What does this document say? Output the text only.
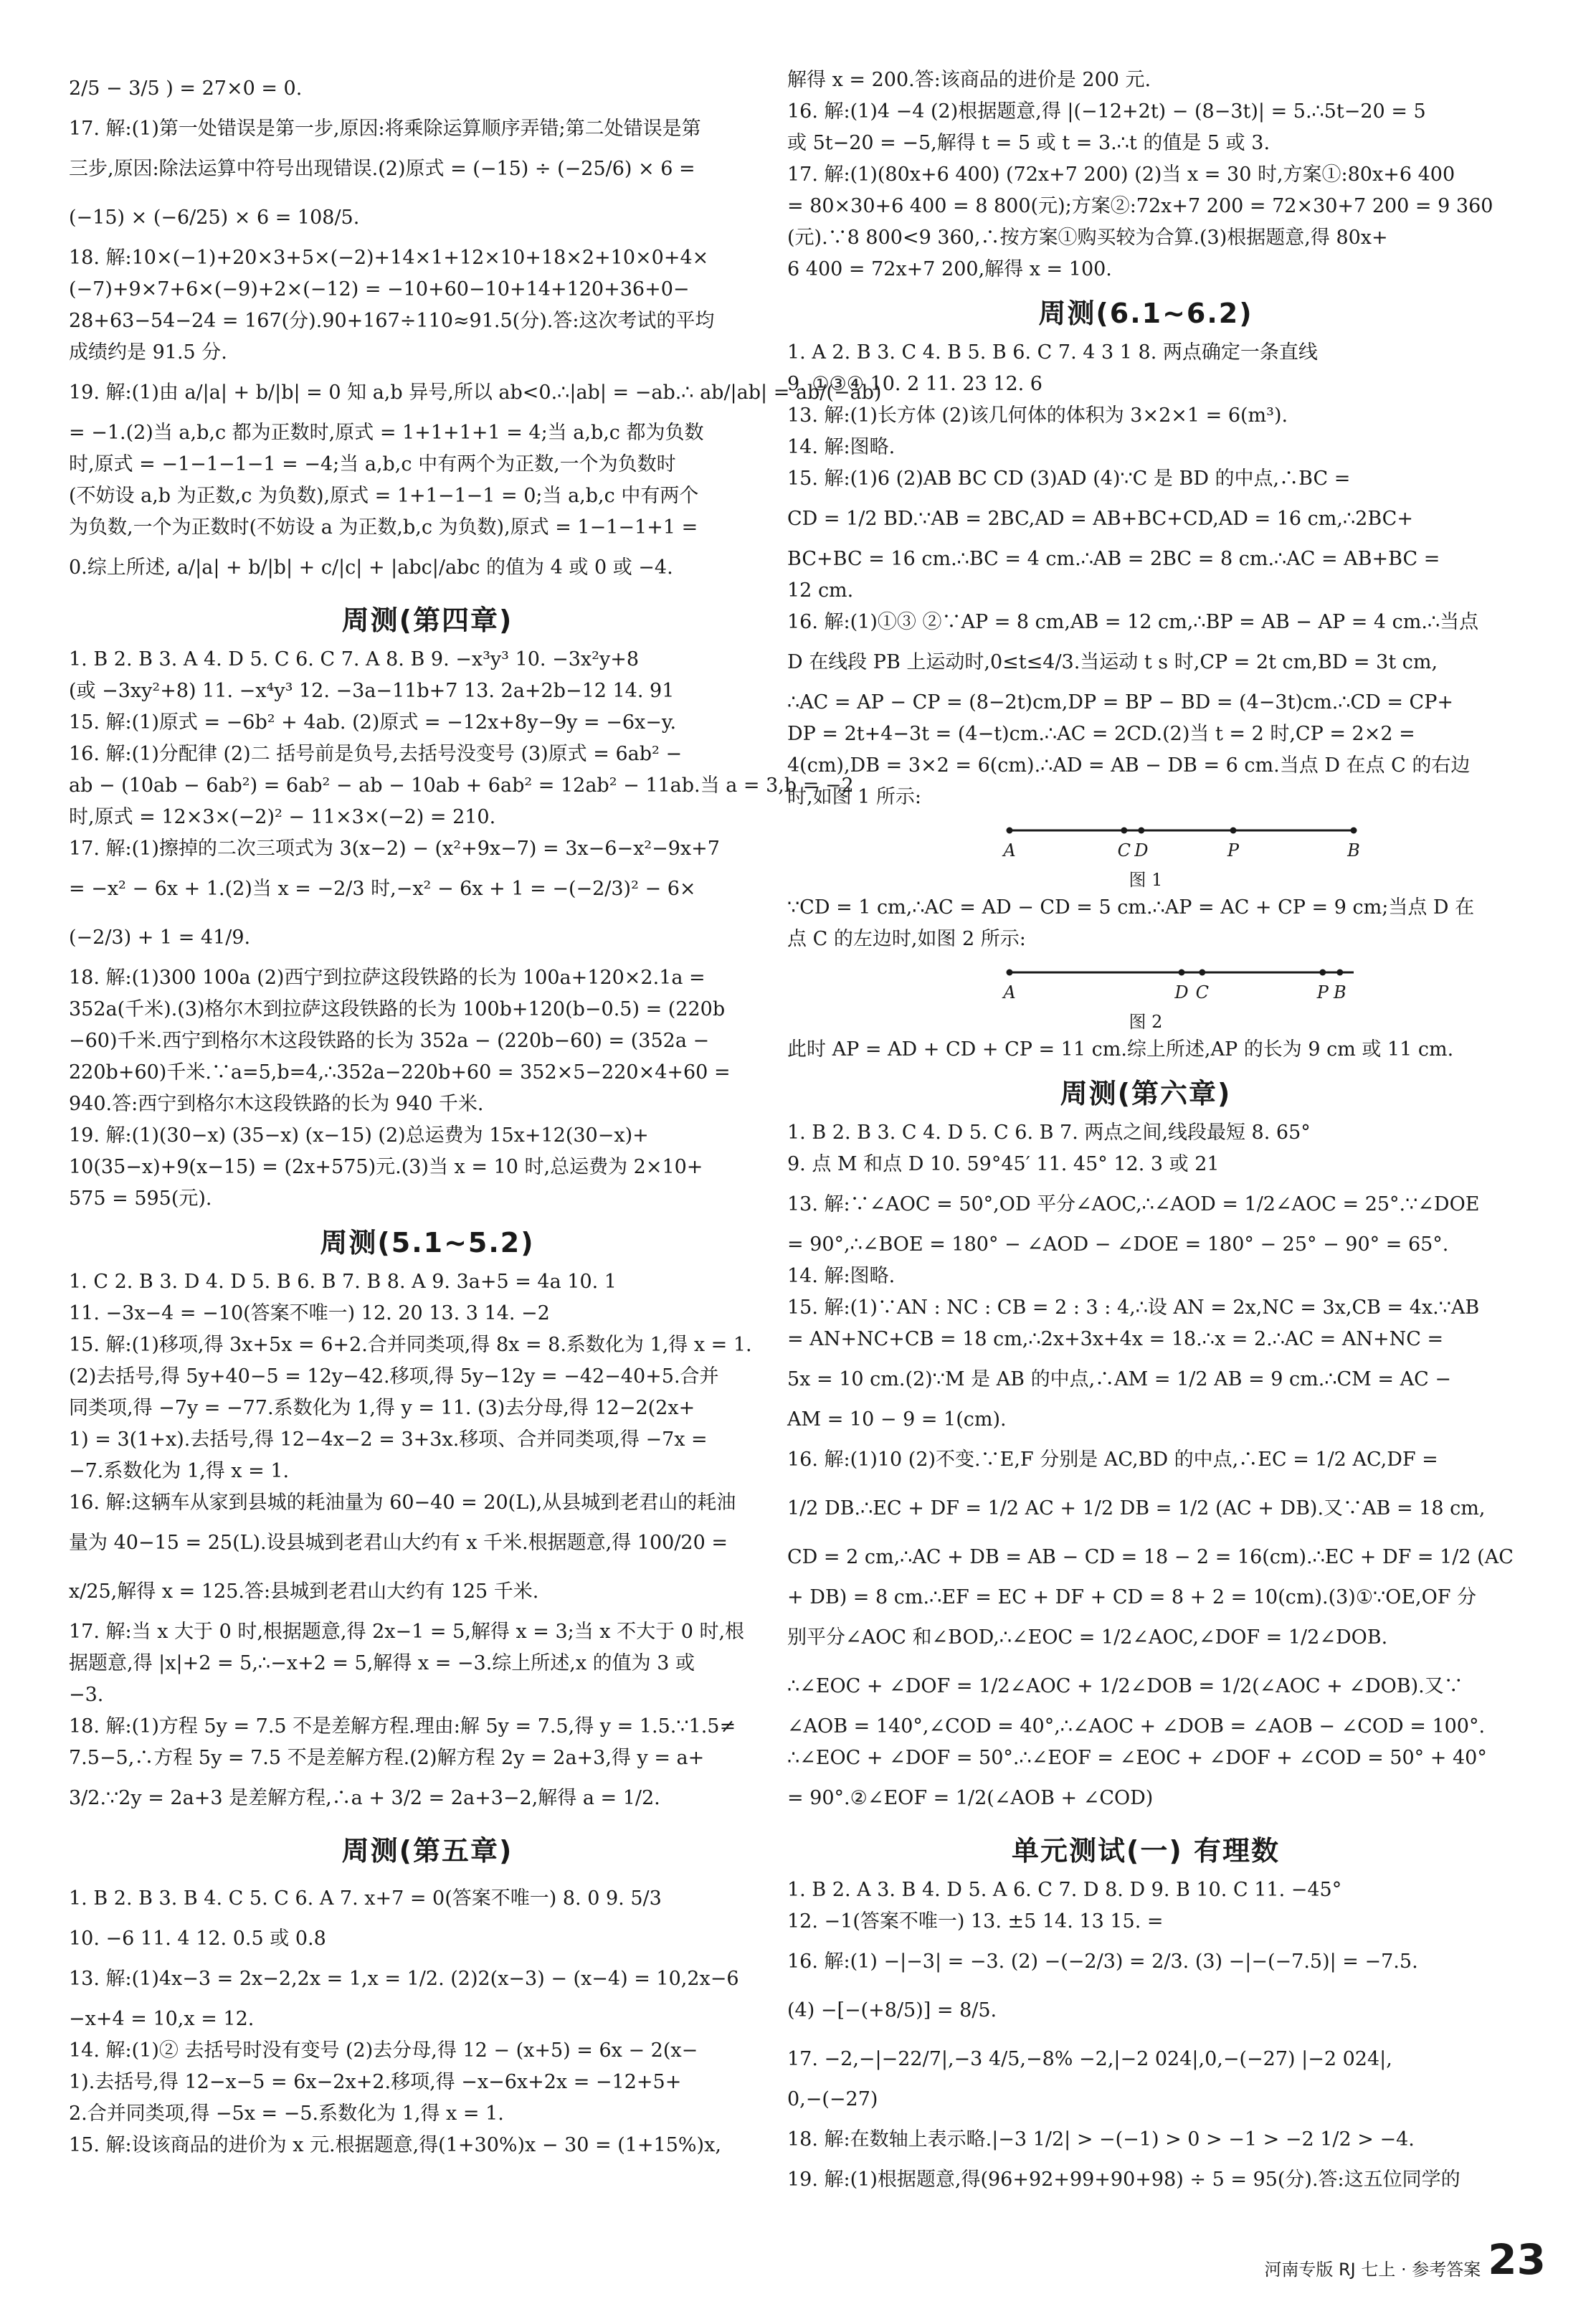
2/5 − 3/5 ) = 27×0 = 0.
17. 解:(1)第一处错误是第一步,原因:将乘除运算顺序弄错;第二处错误是第
三步,原因:除法运算中符号出现错误.(2)原式 = (−15) ÷ (−25/6) × 6 =
(−15) × (−6/25) × 6 = 108/5.
18. 解:10×(−1)+20×3+5×(−2)+14×1+12×10+18×2+10×0+4×
(−7)+9×7+6×(−9)+2×(−12) = −10+60−10+14+120+36+0−
28+63−54−24 = 167(分).90+167÷110≈91.5(分).答:这次考试的平均
成绩约是 91.5 分.
19. 解:(1)由 a/|a| + b/|b| = 0 知 a,b 异号,所以 ab<0.∴|ab| = −ab.∴ ab/|ab| = ab/(−ab)
= −1.(2)当 a,b,c 都为正数时,原式 = 1+1+1+1 = 4;当 a,b,c 都为负数
时,原式 = −1−1−1−1 = −4;当 a,b,c 中有两个为正数,一个为负数时
(不妨设 a,b 为正数,c 为负数),原式 = 1+1−1−1 = 0;当 a,b,c 中有两个
为负数,一个为正数时(不妨设 a 为正数,b,c 为负数),原式 = 1−1−1+1 =
0.综上所述, a/|a| + b/|b| + c/|c| + |abc|/abc 的值为 4 或 0 或 −4.
周测(第四章)
1. B 2. B 3. A 4. D 5. C 6. C 7. A 8. B 9. −x³y³ 10. −3x²y+8
(或 −3xy²+8) 11. −x⁴y³ 12. −3a−11b+7 13. 2a+2b−12 14. 91
15. 解:(1)原式 = −6b² + 4ab. (2)原式 = −12x+8y−9y = −6x−y.
16. 解:(1)分配律 (2)二 括号前是负号,去括号没变号 (3)原式 = 6ab² −
ab − (10ab − 6ab²) = 6ab² − ab − 10ab + 6ab² = 12ab² − 11ab.当 a = 3,b = −2
时,原式 = 12×3×(−2)² − 11×3×(−2) = 210.
17. 解:(1)擦掉的二次三项式为 3(x−2) − (x²+9x−7) = 3x−6−x²−9x+7
= −x² − 6x + 1.(2)当 x = −2/3 时,−x² − 6x + 1 = −(−2/3)² − 6×
(−2/3) + 1 = 41/9.
18. 解:(1)300 100a (2)西宁到拉萨这段铁路的长为 100a+120×2.1a =
352a(千米).(3)格尔木到拉萨这段铁路的长为 100b+120(b−0.5) = (220b
−60)千米.西宁到格尔木这段铁路的长为 352a − (220b−60) = (352a −
220b+60)千米.∵a=5,b=4,∴352a−220b+60 = 352×5−220×4+60 =
940.答:西宁到格尔木这段铁路的长为 940 千米.
19. 解:(1)(30−x) (35−x) (x−15) (2)总运费为 15x+12(30−x)+
10(35−x)+9(x−15) = (2x+575)元.(3)当 x = 10 时,总运费为 2×10+
575 = 595(元).
周测(5.1~5.2)
1. C 2. B 3. D 4. D 5. B 6. B 7. B 8. A 9. 3a+5 = 4a 10. 1
11. −3x−4 = −10(答案不唯一) 12. 20 13. 3 14. −2
15. 解:(1)移项,得 3x+5x = 6+2.合并同类项,得 8x = 8.系数化为 1,得 x = 1.
(2)去括号,得 5y+40−5 = 12y−42.移项,得 5y−12y = −42−40+5.合并
同类项,得 −7y = −77.系数化为 1,得 y = 11. (3)去分母,得 12−2(2x+
1) = 3(1+x).去括号,得 12−4x−2 = 3+3x.移项、合并同类项,得 −7x =
−7.系数化为 1,得 x = 1.
16. 解:这辆车从家到县城的耗油量为 60−40 = 20(L),从县城到老君山的耗油
量为 40−15 = 25(L).设县城到老君山大约有 x 千米.根据题意,得 100/20 =
x/25,解得 x = 125.答:县城到老君山大约有 125 千米.
17. 解:当 x 大于 0 时,根据题意,得 2x−1 = 5,解得 x = 3;当 x 不大于 0 时,根
据题意,得 |x|+2 = 5,∴−x+2 = 5,解得 x = −3.综上所述,x 的值为 3 或
−3.
18. 解:(1)方程 5y = 7.5 不是差解方程.理由:解 5y = 7.5,得 y = 1.5.∵1.5≠
7.5−5,∴方程 5y = 7.5 不是差解方程.(2)解方程 2y = 2a+3,得 y = a+
3/2.∵2y = 2a+3 是差解方程,∴a + 3/2 = 2a+3−2,解得 a = 1/2.
周测(第五章)
1. B 2. B 3. B 4. C 5. C 6. A 7. x+7 = 0(答案不唯一) 8. 0 9. 5/3
10. −6 11. 4 12. 0.5 或 0.8
13. 解:(1)4x−3 = 2x−2,2x = 1,x = 1/2. (2)2(x−3) − (x−4) = 10,2x−6
−x+4 = 10,x = 12.
14. 解:(1)② 去括号时没有变号 (2)去分母,得 12 − (x+5) = 6x − 2(x−
1).去括号,得 12−x−5 = 6x−2x+2.移项,得 −x−6x+2x = −12+5+
2.合并同类项,得 −5x = −5.系数化为 1,得 x = 1.
15. 解:设该商品的进价为 x 元.根据题意,得(1+30%)x − 30 = (1+15%)x,
解得 x = 200.答:该商品的进价是 200 元.
16. 解:(1)4 −4 (2)根据题意,得 |(−12+2t) − (8−3t)| = 5.∴5t−20 = 5
或 5t−20 = −5,解得 t = 5 或 t = 3.∴t 的值是 5 或 3.
17. 解:(1)(80x+6 400) (72x+7 200) (2)当 x = 30 时,方案①:80x+6 400
= 80×30+6 400 = 8 800(元);方案②:72x+7 200 = 72×30+7 200 = 9 360
(元).∵8 800<9 360,∴按方案①购买较为合算.(3)根据题意,得 80x+
6 400 = 72x+7 200,解得 x = 100.
周测(6.1~6.2)
1. A 2. B 3. C 4. B 5. B 6. C 7. 4 3 1 8. 两点确定一条直线
9. ①③④ 10. 2 11. 23 12. 6
13. 解:(1)长方体 (2)该几何体的体积为 3×2×1 = 6(m³).
14. 解:图略.
15. 解:(1)6 (2)AB BC CD (3)AD (4)∵C 是 BD 的中点,∴BC =
CD = 1/2 BD.∵AB = 2BC,AD = AB+BC+CD,AD = 16 cm,∴2BC+
BC+BC = 16 cm.∴BC = 4 cm.∴AB = 2BC = 8 cm.∴AC = AB+BC =
12 cm.
16. 解:(1)①③ ②∵AP = 8 cm,AB = 12 cm,∴BP = AB − AP = 4 cm.∴当点
D 在线段 PB 上运动时,0≤t≤4/3.当运动 t s 时,CP = 2t cm,BD = 3t cm,
∴AC = AP − CP = (8−2t)cm,DP = BP − BD = (4−3t)cm.∴CD = CP+
DP = 2t+4−3t = (4−t)cm.∴AC = 2CD.(2)当 t = 2 时,CP = 2×2 =
4(cm),DB = 3×2 = 6(cm).∴AD = AB − DB = 6 cm.当点 D 在点 C 的右边
时,如图 1 所示:
A	C D	P	B
图 1
∵CD = 1 cm,∴AC = AD − CD = 5 cm.∴AP = AC + CP = 9 cm;当点 D 在
点 C 的左边时,如图 2 所示:
A	D C	P B
图 2
此时 AP = AD + CD + CP = 11 cm.综上所述,AP 的长为 9 cm 或 11 cm.
周测(第六章)
1. B 2. B 3. C 4. D 5. C 6. B 7. 两点之间,线段最短 8. 65°
9. 点 M 和点 D 10. 59°45′ 11. 45° 12. 3 或 21
13. 解:∵∠AOC = 50°,OD 平分∠AOC,∴∠AOD = 1/2∠AOC = 25°.∵∠DOE
= 90°,∴∠BOE = 180° − ∠AOD − ∠DOE = 180° − 25° − 90° = 65°.
14. 解:图略.
15. 解:(1)∵AN : NC : CB = 2 : 3 : 4,∴设 AN = 2x,NC = 3x,CB = 4x.∵AB
= AN+NC+CB = 18 cm,∴2x+3x+4x = 18.∴x = 2.∴AC = AN+NC =
5x = 10 cm.(2)∵M 是 AB 的中点,∴AM = 1/2 AB = 9 cm.∴CM = AC −
AM = 10 − 9 = 1(cm).
16. 解:(1)10 (2)不变.∵E,F 分别是 AC,BD 的中点,∴EC = 1/2 AC,DF =
1/2 DB.∴EC + DF = 1/2 AC + 1/2 DB = 1/2 (AC + DB).又∵AB = 18 cm,
CD = 2 cm,∴AC + DB = AB − CD = 18 − 2 = 16(cm).∴EC + DF = 1/2 (AC
+ DB) = 8 cm.∴EF = EC + DF + CD = 8 + 2 = 10(cm).(3)①∵OE,OF 分
别平分∠AOC 和∠BOD,∴∠EOC = 1/2∠AOC,∠DOF = 1/2∠DOB.
∴∠EOC + ∠DOF = 1/2∠AOC + 1/2∠DOB = 1/2(∠AOC + ∠DOB).又∵
∠AOB = 140°,∠COD = 40°,∴∠AOC + ∠DOB = ∠AOB − ∠COD = 100°.
∴∠EOC + ∠DOF = 50°.∴∠EOF = ∠EOC + ∠DOF + ∠COD = 50° + 40°
= 90°.②∠EOF = 1/2(∠AOB + ∠COD)
单元测试(一) 有理数
1. B 2. A 3. B 4. D 5. A 6. C 7. D 8. D 9. B 10. C 11. −45°
12. −1(答案不唯一) 13. ±5 14. 13 15. =
16. 解:(1) −|−3| = −3. (2) −(−2/3) = 2/3. (3) −|−(−7.5)| = −7.5.
(4) −[−(+8/5)] = 8/5.
17. −2,−|−22/7|,−3 4/5,−8% −2,|−2 024|,0,−(−27) |−2 024|,
0,−(−27)
18. 解:在数轴上表示略.|−3 1/2| > −(−1) > 0 > −1 > −2 1/2 > −4.
19. 解:(1)根据题意,得(96+92+99+90+98) ÷ 5 = 95(分).答:这五位同学的
河南专版 RJ 七上 · 参考答案 23
